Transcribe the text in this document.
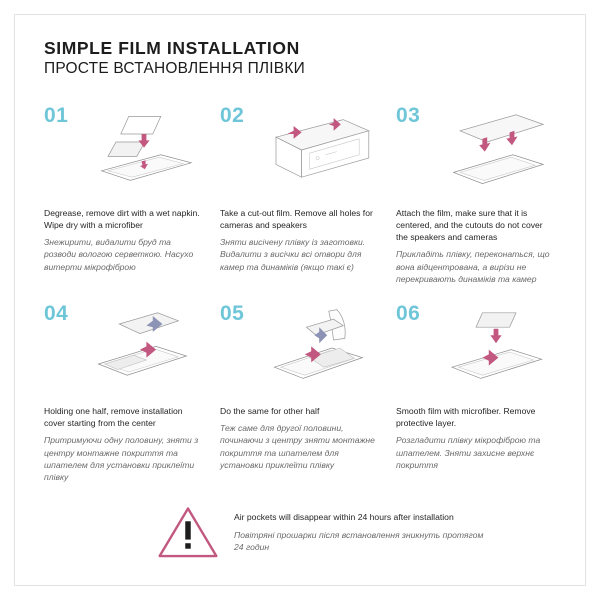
SIMPLE FILM INSTALLATION
ПРОСТЕ ВСТАНОВЛЕННЯ ПЛІВКИ
01
Degrease, remove dirt with a wet napkin. Wipe dry with a microfiber
Знежирити, видалити бруд та розводи вологою серветкою. Насухо витерти мікрофіброю
02
Take a cut-out film. Remove all holes for cameras and speakers
Зняти висічену плівку із заготовки. Видалити з висічки всі отвори для камер та динаміків (якщо такі є)
03
Attach the film, make sure that it is centered, and the cutouts do not cover the speakers and cameras
Прикладіть плівку, переконаться, що вона відцентрована, а вирізи не перекривають динаміків та камер
04
Holding one half, remove installation cover starting from the center
Притримуючи одну половину, зняти з центру монтажне покриття та шпателем для установки приклеїти плівку
05
Do the same for other half
Теж саме для другої половини, починаючи з центру зняти монтажне покриття та шпателем для установки приклеїти плівку
06
Smooth film with microfiber. Remove protective layer.
Розгладити плівку мікрофіброю та шпателем. Зняти захисне верхнє покриття
Air pockets will disappear within 24 hours after installation
Повітряні прошарки після встановлення зникнуть протягом 24 годин
